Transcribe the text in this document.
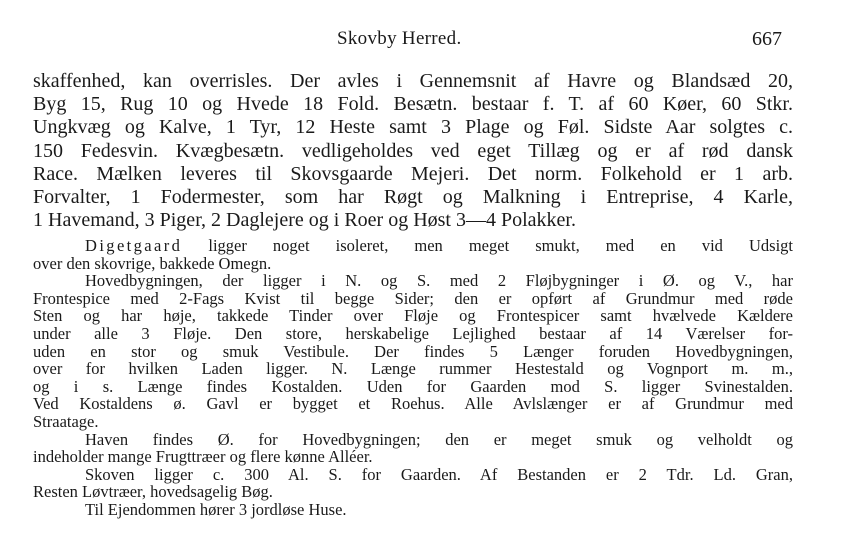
Skovby Herred.	667
skaffenhed, kan overrisles. Der avles i Gennemsnit af Havre og Blandsæd 20,
Byg 15, Rug 10 og Hvede 18 Fold. Besætn. bestaar f. T. af 60 Køer, 60 Stkr.
Ungkvæg og Kalve, 1 Tyr, 12 Heste samt 3 Plage og Føl. Sidste Aar solgtes c.
150 Fedesvin. Kvægbesætn. vedligeholdes ved eget Tillæg og er af rød dansk
Race. Mælken leveres til Skovsgaarde Mejeri. Det norm. Folkehold er 1 arb.
Forvalter, 1 Fodermester, som har Røgt og Malkning i Entreprise, 4 Karle,
1 Havemand, 3 Piger, 2 Daglejere og i Roer og Høst 3—4 Polakker.
Digetgaard ligger noget isoleret, men meget smukt, med en vid Udsigt
over den skovrige, bakkede Omegn.
Hovedbygningen, der ligger i N. og S. med 2 Fløjbygninger i Ø. og V., har
Frontespice med 2-Fags Kvist til begge Sider; den er opført af Grundmur med røde
Sten og har høje, takkede Tinder over Fløje og Frontespicer samt hvælvede Kældere
under alle 3 Fløje. Den store, herskabelige Lejlighed bestaar af 14 Værelser for-
uden en stor og smuk Vestibule. Der findes 5 Længer foruden Hovedbygningen,
over for hvilken Laden ligger. N. Længe rummer Hestestald og Vognport m. m.,
og i s. Længe findes Kostalden. Uden for Gaarden mod S. ligger Svinestalden.
Ved Kostaldens ø. Gavl er bygget et Roehus. Alle Avlslænger er af Grundmur med
Straatage.
Haven findes Ø. for Hovedbygningen; den er meget smuk og velholdt og
indeholder mange Frugttræer og flere kønne Alléer.
Skoven ligger c. 300 Al. S. for Gaarden. Af Bestanden er 2 Tdr. Ld. Gran,
Resten Løvtræer, hovedsagelig Bøg.
Til Ejendommen hører 3 jordløse Huse.
